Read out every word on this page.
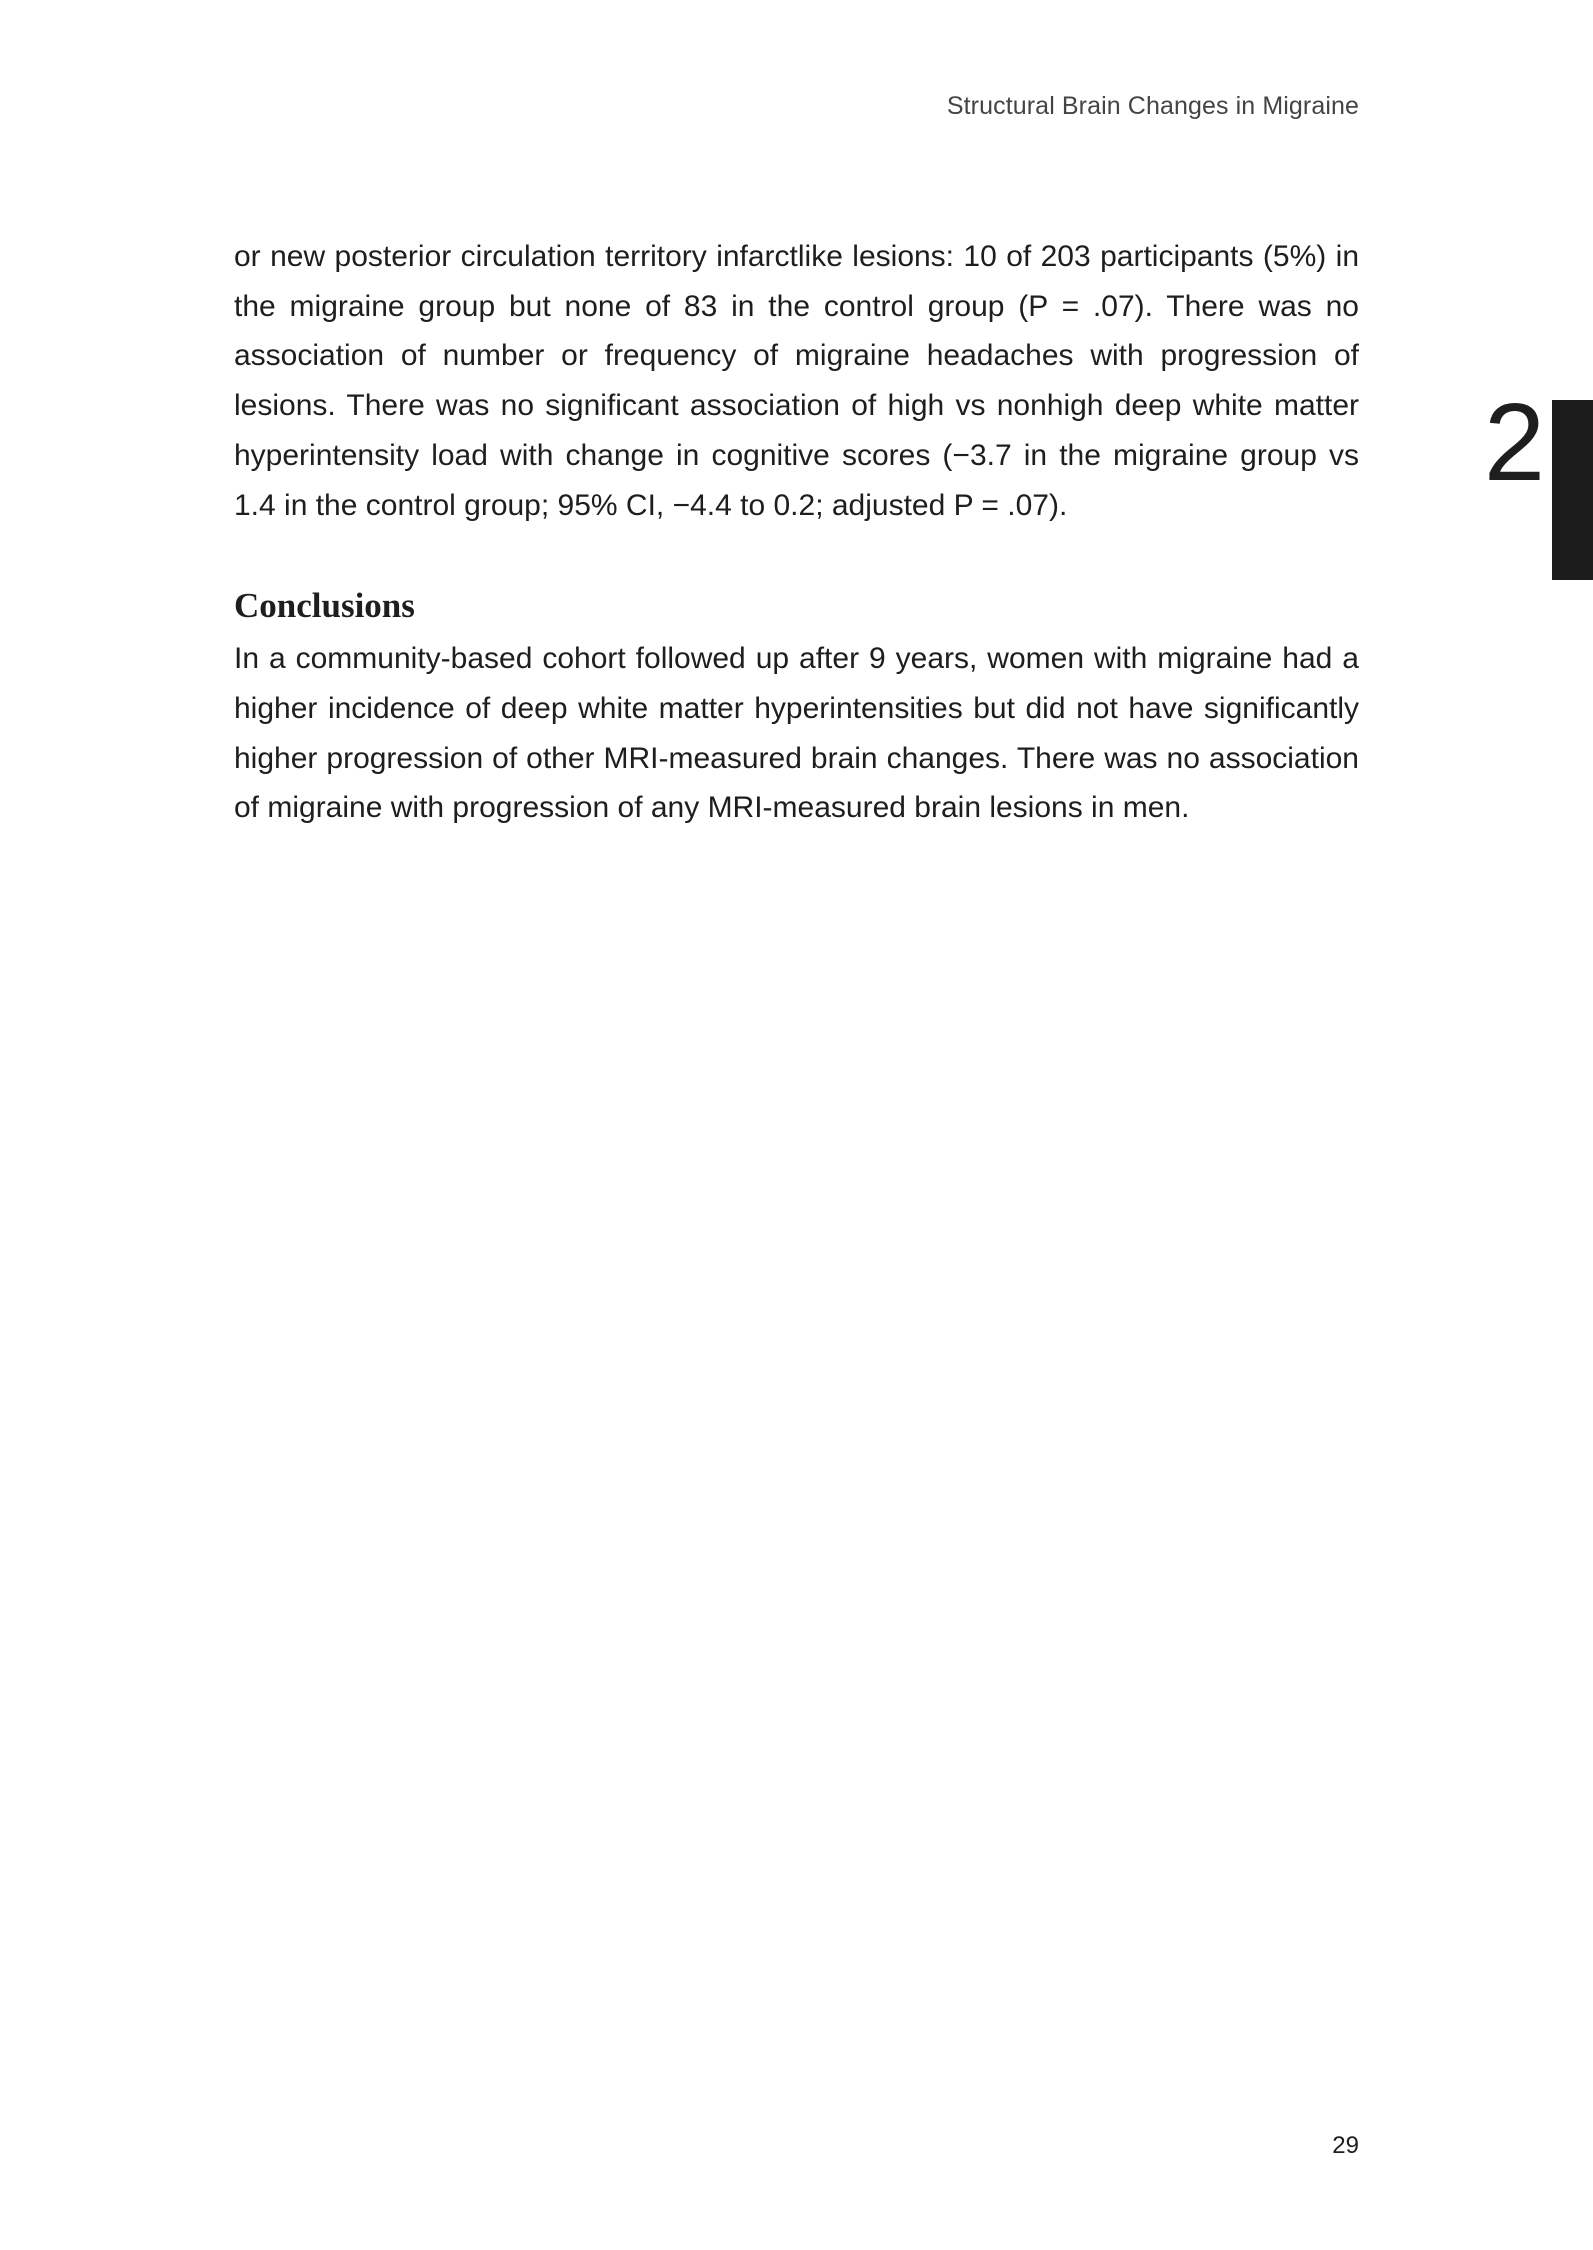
Structural Brain Changes in Migraine
2

or new posterior circulation territory infarctlike lesions: 10 of 203 participants (5%) in the migraine group but none of 83 in the control group (P = .07). There was no association of number or frequency of migraine headaches with progression of lesions. There was no significant association of high vs nonhigh deep white matter hyperintensity load with change in cognitive scores (−3.7 in the migraine group vs 1.4 in the control group; 95% CI, −4.4 to 0.2; adjusted P = .07).

Conclusions

In a community-based cohort followed up after 9 years, women with migraine had a higher incidence of deep white matter hyperintensities but did not have significantly higher progression of other MRI-measured brain changes. There was no association of migraine with progression of any MRI-measured brain lesions in men.

29
